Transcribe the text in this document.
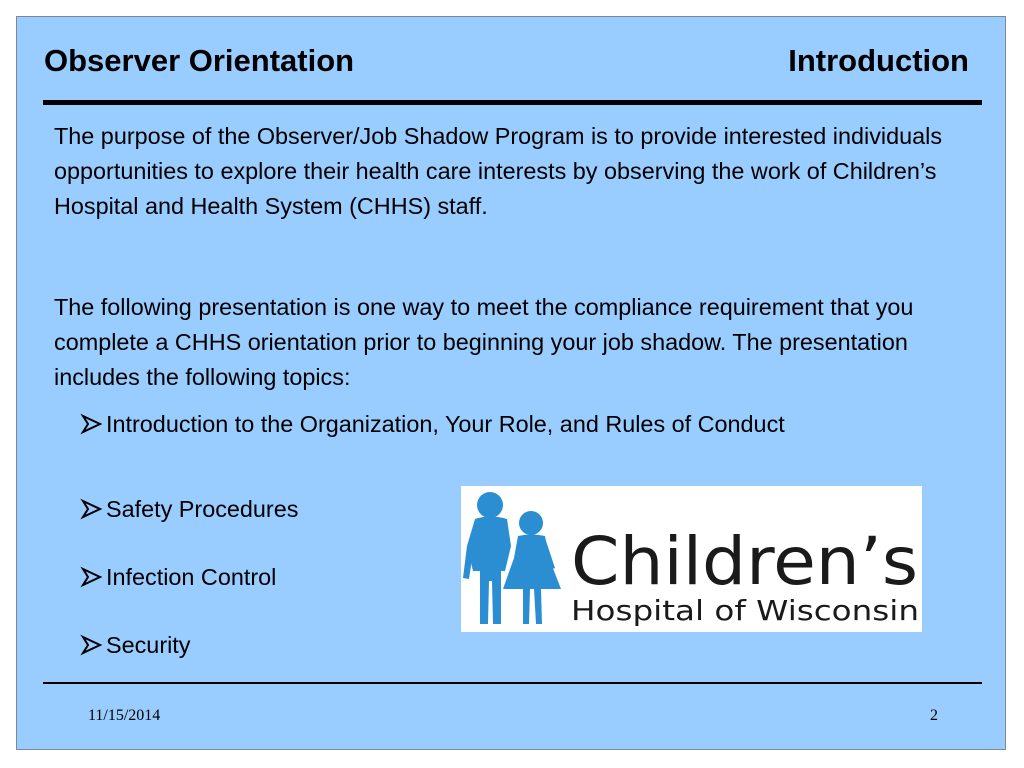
Observer Orientation	Introduction
The purpose of the Observer/Job Shadow Program is to provide interested individuals opportunities to explore their health care interests by observing the work of Children’s Hospital and Health System (CHHS) staff.
The following presentation is one way to meet the compliance requirement that you complete a CHHS orientation prior to beginning your job shadow. The presentation includes the following topics:
Introduction to the Organization, Your Role, and Rules of Conduct
Safety Procedures
Infection Control
Security
Children’s
Hospital of Wisconsin
11/15/2014	2
